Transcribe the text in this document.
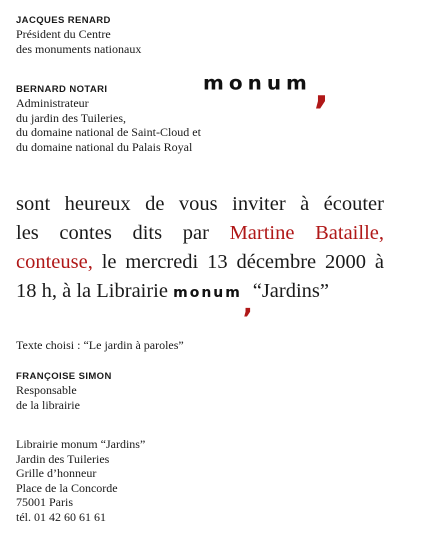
JACQUES RENARD

Président du Centre

des monuments nationaux

monum ,

BERNARD NOTARI

Administrateur

du jardin des Tuileries,

du domaine national de Saint-Cloud et

du domaine national du Palais Royal

sont heureux de vous inviter à écouter
les contes dits par Martine Bataille,
conteuse, le mercredi 13 décembre 2000 à
18 h, à la Librairie monum , “Jardins”

Texte choisi : “Le jardin à paroles”

FRANÇOISE SIMON

Responsable

de la librairie

Librairie monum “Jardins”

Jardin des Tuileries

Grille d’honneur

Place de la Concorde

75001 Paris

tél. 01 42 60 61 61
